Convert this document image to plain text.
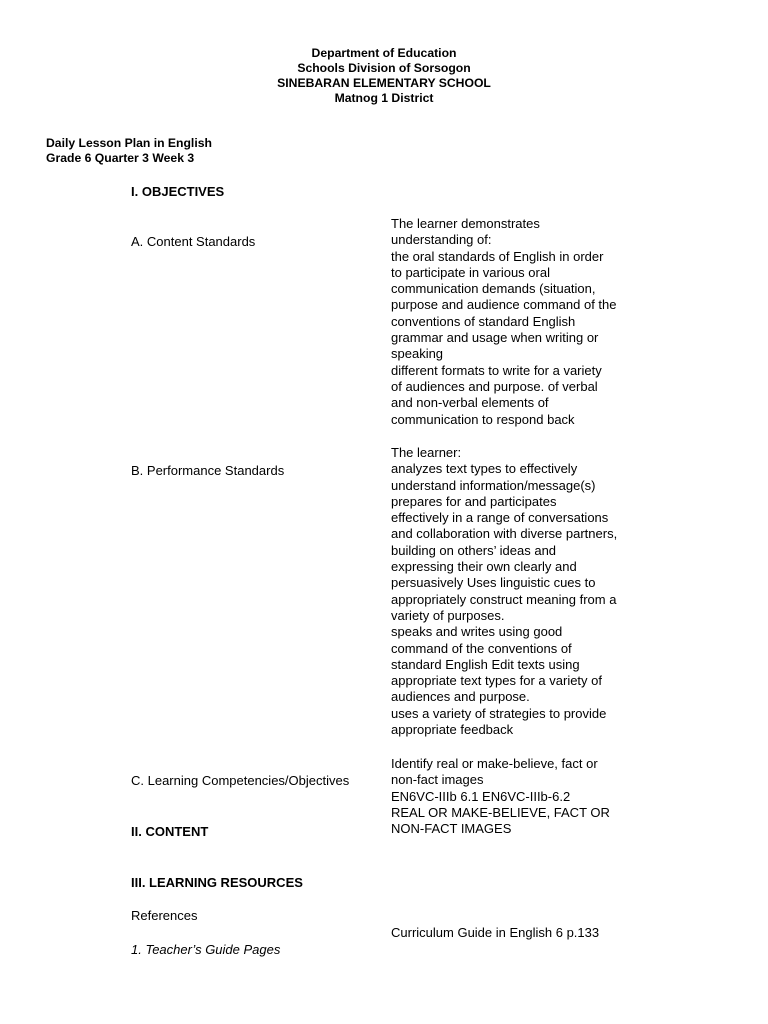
Department of Education
Schools Division of Sorsogon
SINEBARAN ELEMENTARY SCHOOL
Matnog 1 District
Daily Lesson Plan in English
Grade 6 Quarter 3 Week 3
I. OBJECTIVES
A. Content Standards
The learner demonstrates
understanding of:
the oral standards of English in order
to participate in various oral
communication demands (situation,
purpose and audience command of the
conventions of standard English
grammar and usage when writing or
speaking
different formats to write for a variety
of audiences and purpose. of verbal
and non-verbal elements of
communication to respond back
B. Performance Standards
The learner:
analyzes text types to effectively
understand information/message(s)
prepares for and participates
effectively in a range of conversations
and collaboration with diverse partners,
building on others’ ideas and
expressing their own clearly and
persuasively Uses linguistic cues to
appropriately construct meaning from a
variety of purposes.
speaks and writes using good
command of the conventions of
standard English Edit texts using
appropriate text types for a variety of
audiences and purpose.
uses a variety of strategies to provide
appropriate feedback
C. Learning Competencies/Objectives
Identify real or make-believe, fact or
non-fact images
EN6VC-IIIb 6.1 EN6VC-IIIb-6.2
REAL OR MAKE-BELIEVE, FACT OR
NON-FACT IMAGES
II. CONTENT
III. LEARNING RESOURCES
References
Curriculum Guide in English 6 p.133
1. Teacher’s Guide Pages
